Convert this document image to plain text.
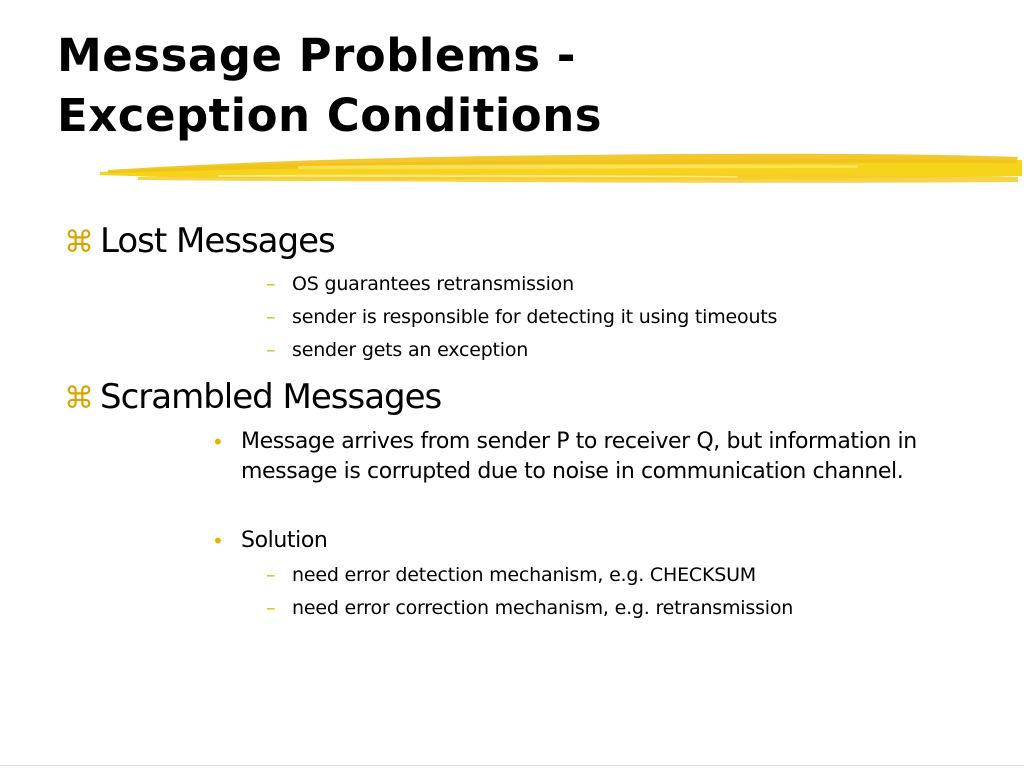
Message Problems -
Exception Conditions
⌘ Lost Messages
– OS guarantees retransmission
– sender is responsible for detecting it using timeouts
– sender gets an exception
⌘ Scrambled Messages
• Message arrives from sender P to receiver Q, but information in message is corrupted due to noise in communication channel.
• Solution
– need error detection mechanism, e.g. CHECKSUM
– need error correction mechanism, e.g. retransmission
